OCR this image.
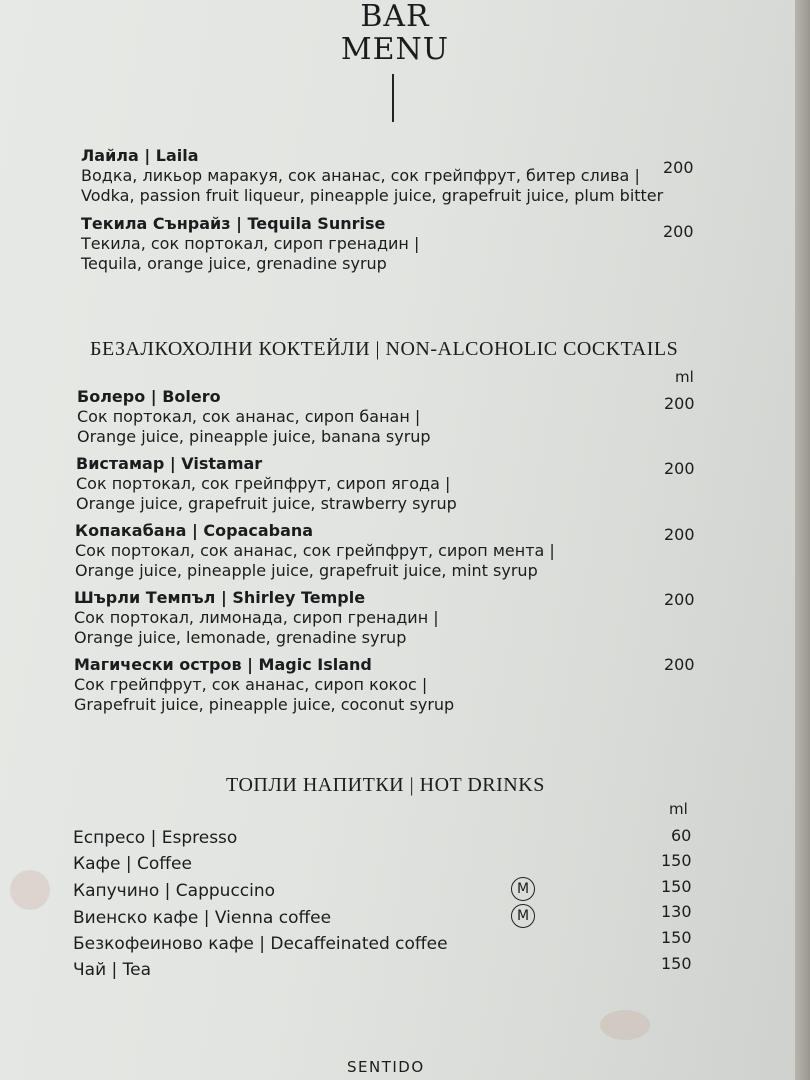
BAR
MENU
Лайла | Laila
Водка, ликьор маракуя, сок ананас, сок грейпфрут, битер слива |
Vodka, passion fruit liqueur, pineapple juice, grapefruit juice, plum bitter
200
Текила Сънрайз | Tequila Sunrise
Текила, сок портокал, сироп гренадин |
Tequila, orange juice, grenadine syrup
200
БЕЗАЛКОХОЛНИ КОКТЕЙЛИ | NON-ALCOHOLIC COCKTAILS
ml
Болеро | Bolero
Сок портокал, сок ананас, сироп банан |
Orange juice, pineapple juice, banana syrup
200
Вистамар | Vistamar
Сок портокал, сок грейпфрут, сироп ягода |
Orange juice, grapefruit juice, strawberry syrup
200
Копакабана | Copacabana
Сок портокал, сок ананас, сок грейпфрут, сироп мента |
Orange juice, pineapple juice, grapefruit juice, mint syrup
200
Шърли Темпъл | Shirley Temple
Сок портокал, лимонада, сироп гренадин |
Orange juice, lemonade, grenadine syrup
200
Магически остров | Magic Island
Сок грейпфрут, сок ананас, сироп кокос |
Grapefruit juice, pineapple juice, coconut syrup
200
ТОПЛИ НАПИТКИ | HOT DRINKS
ml
Еспресо | Espresso	60
Кафе | Coffee	150
Капучино | Cappuccino	M	150
Виенско кафе | Vienna coffee	M	130
Безкофеиново кафе | Decaffeinated coffee	150
Чай | Tea	150
SENTIDO
